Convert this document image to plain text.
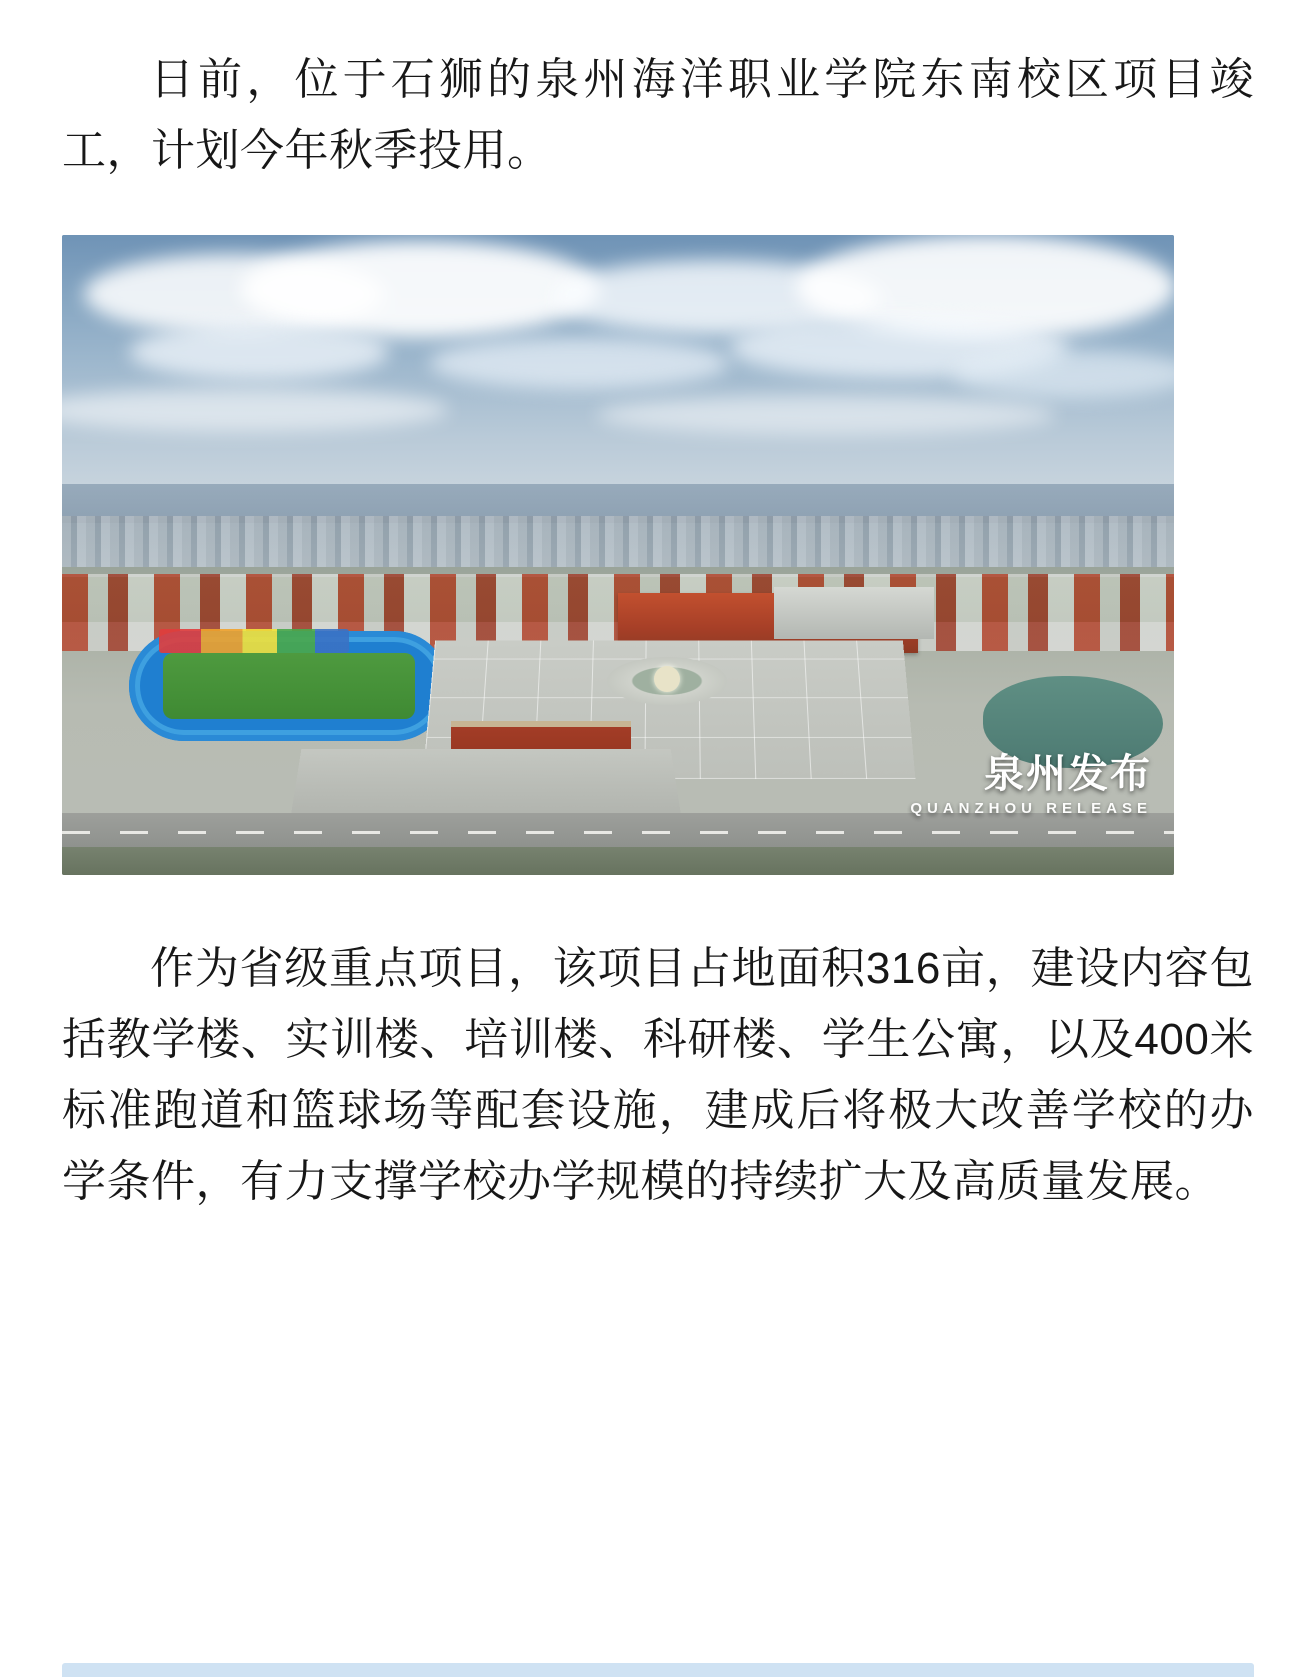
日前，位于石狮的泉州海洋职业学院东南校区项目竣工，计划今年秋季投用。

泉州发布
QUANZHOU RELEASE

作为省级重点项目，该项目占地面积316亩，建设内容包括教学楼、实训楼、培训楼、科研楼、学生公寓，以及400米标准跑道和篮球场等配套设施，建成后将极大改善学校的办学条件，有力支撑学校办学规模的持续扩大及高质量发展。
